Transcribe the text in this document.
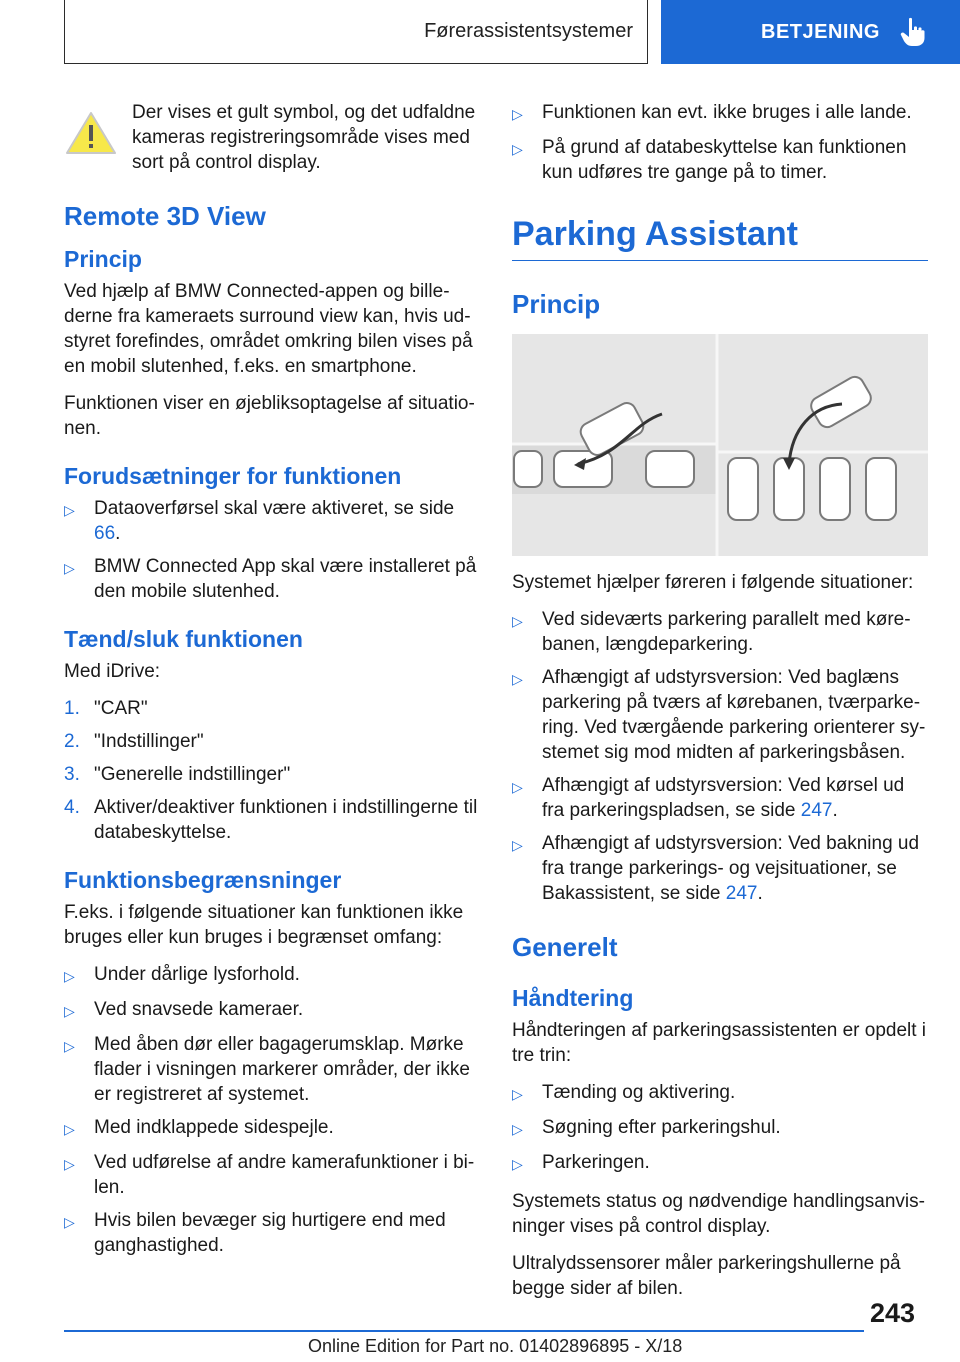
Førerassistentsystemer	BETJENING

Der vises et gult symbol, og det udfaldne kameras registreringsområde vises med sort på control display.

Remote 3D View
Princip

Ved hjælp af BMW Connected-appen og billederne fra kameraets surround view kan, hvis udstyret forefindes, området omkring bilen vises på en mobil slutenhed, f.eks. en smartphone.

Funktionen viser en øjebliksoptagelse af situationen.

Forudsætninger for funktionen
▷	Dataoverførsel skal være aktiveret, se side 66.
▷	BMW Connected App skal være installeret på den mobile slutenhed.
Tænd/sluk funktionen

Med iDrive:

1. "CAR"
2. "Indstillinger"
3. "Generelle indstillinger"
4. Aktiver/deaktiver funktionen i indstillingerne til databeskyttelse.
Funktionsbegrænsninger

F.eks. i følgende situationer kan funktionen ikke bruges eller kun bruges i begrænset omfang:

▷	Under dårlige lysforhold.
▷	Ved snavsede kameraer.
▷	Med åben dør eller bagagerumsklap. Mørke flader i visningen markerer områder, der ikke er registreret af systemet.
▷	Med indklappede sidespejle.
▷	Ved udførelse af andre kamerafunktioner i bilen.
▷	Hvis bilen bevæger sig hurtigere end med ganghastighed.
▷	Funktionen kan evt. ikke bruges i alle lande.
▷	På grund af databeskyttelse kan funktionen kun udføres tre gange på to timer.
Parking Assistant
Princip

Systemet hjælper føreren i følgende situationer:

▷	Ved sideværts parkering parallelt med kørebanen, længdeparkering.
▷	Afhængigt af udstyrsversion: Ved baglæns parkering på tværs af kørebanen, tværparkering. Ved tværgående parkering orienterer systemet sig mod midten af parkeringsbåsen.
▷	Afhængigt af udstyrsversion: Ved kørsel ud fra parkeringspladsen, se side 247.
▷	Afhængigt af udstyrsversion: Ved bakning ud fra trange parkerings- og vejsituationer, se Bakassistent, se side 247.
Generelt
Håndtering

Håndteringen af parkeringsassistenten er opdelt i tre trin:

▷	Tænding og aktivering.
▷	Søgning efter parkeringshul.
▷	Parkeringen.

Systemets status og nødvendige handlingsanvisninger vises på control display.

Ultralydssensorer måler parkeringshullerne på begge sider af bilen.

243
Online Edition for Part no. 01402896895 - X/18
